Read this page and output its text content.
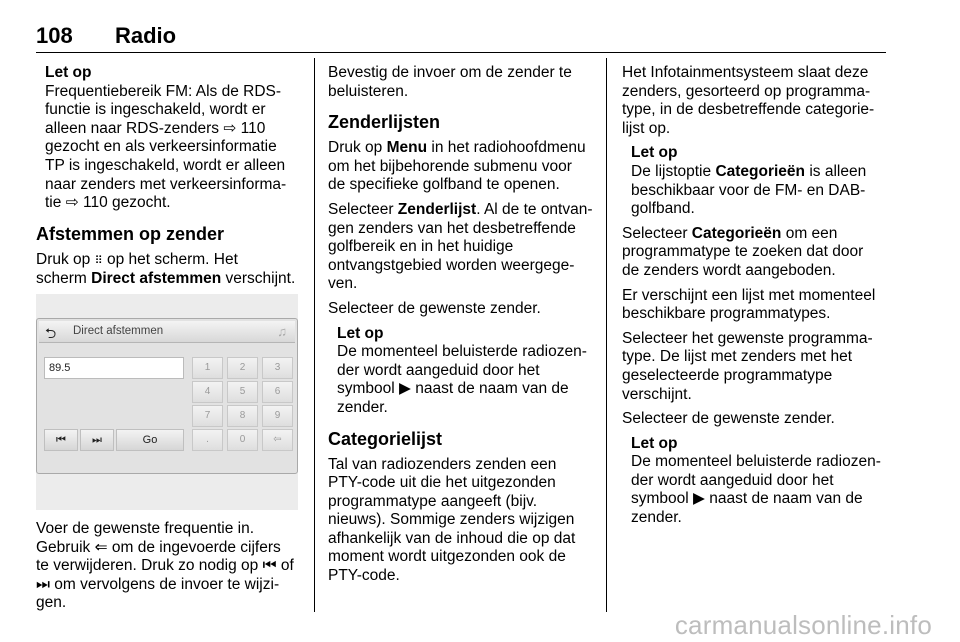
108 Radio
Let op
Frequentiebereik FM: Als de RDS-
functie is ingeschakeld, wordt er
alleen naar RDS-zenders ⇨ 110
gezocht en als verkeersinformatie
TP is ingeschakeld, wordt er alleen
naar zenders met verkeersinforma-
tie ⇨ 110 gezocht.
Afstemmen op zender

Druk op ⠿ op het scherm. Het
scherm Direct afstemmen verschijnt.

⮌ Direct afstemmen	♫
89.5	1	2	3
4	5	6
7	8	9
.	0	⇦
⏮	⏭	Go

Voer de gewenste frequentie in.
Gebruik ⇐ om de ingevoerde cijfers
te verwijderen. Druk zo nodig op ⏮ of
⏭ om vervolgens de invoer te wijzi-
gen.

Bevestig de invoer om de zender te
beluisteren.

Zenderlijsten

Druk op Menu in het radiohoofdmenu
om het bijbehorende submenu voor
de specifieke golfband te openen.

Selecteer Zenderlijst. Al de te ontvan-
gen zenders van het desbetreffende
golfbereik en in het huidige
ontvangstgebied worden weergege-
ven.

Selecteer de gewenste zender.

Let op
De momenteel beluisterde radiozen-
der wordt aangeduid door het
symbool ▶ naast de naam van de
zender.
Categorielijst

Tal van radiozenders zenden een
PTY-code uit die het uitgezonden
programmatype aangeeft (bijv.
nieuws). Sommige zenders wijzigen
afhankelijk van de inhoud die op dat
moment wordt uitgezonden ook de
PTY-code.

Het Infotainmentsysteem slaat deze
zenders, gesorteerd op programma-
type, in de desbetreffende categorie-
lijst op.

Let op
De lijstoptie Categorieën is alleen
beschikbaar voor de FM- en DAB-
golfband.

Selecteer Categorieën om een
programmatype te zoeken dat door
de zenders wordt aangeboden.

Er verschijnt een lijst met momenteel
beschikbare programmatypes.

Selecteer het gewenste programma-
type. De lijst met zenders met het
geselecteerde programmatype
verschijnt.

Selecteer de gewenste zender.

Let op
De momenteel beluisterde radiozen-
der wordt aangeduid door het
symbool ▶ naast de naam van de
zender.
carmanualsonline.info
